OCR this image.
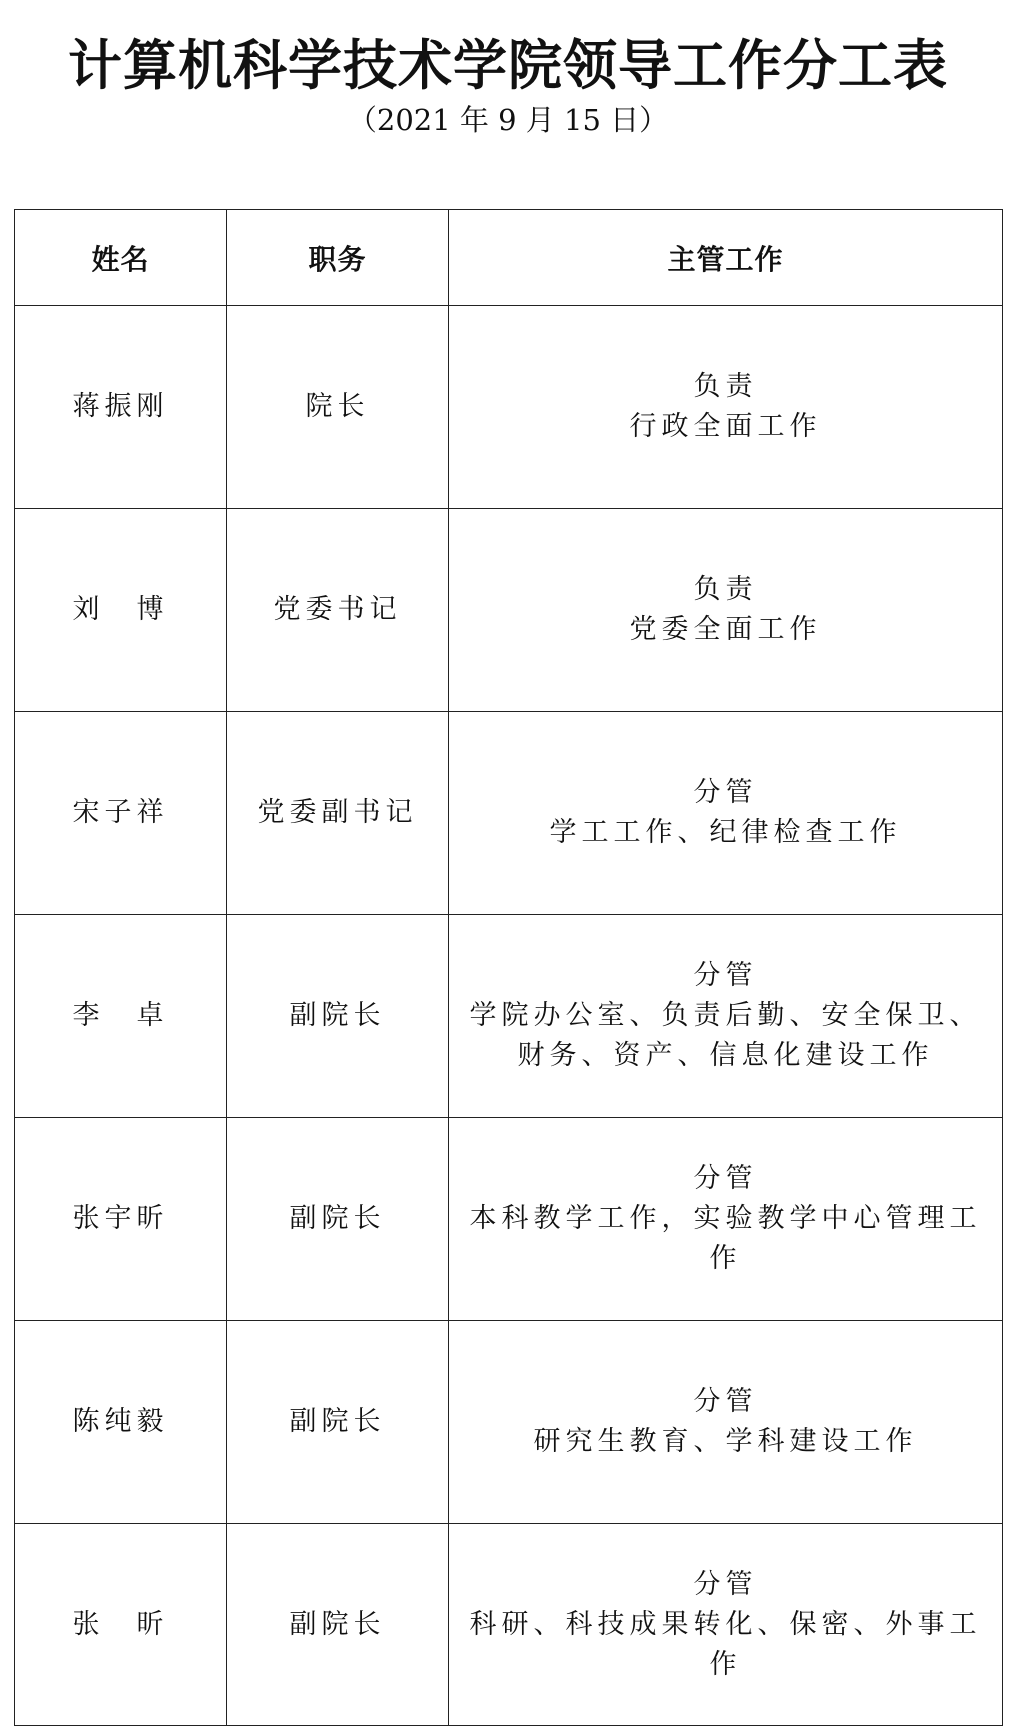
计算机科学技术学院领导工作分工表

（2021 年 9 月 15 日）

姓名	职务	主管工作
蒋振刚	院长	负责
行政全面工作

刘　博	党委书记	负责
党委全面工作

宋子祥	党委副书记	分管
学工工作、纪律检查工作

李　卓	副院长	分管
学院办公室、负责后勤、安全保卫、财务、资产、信息化建设工作

张宇昕	副院长	分管
本科教学工作，实验教学中心管理工作

陈纯毅	副院长	分管
研究生教育、学科建设工作

张　昕	副院长	分管
科研、科技成果转化、保密、外事工作
